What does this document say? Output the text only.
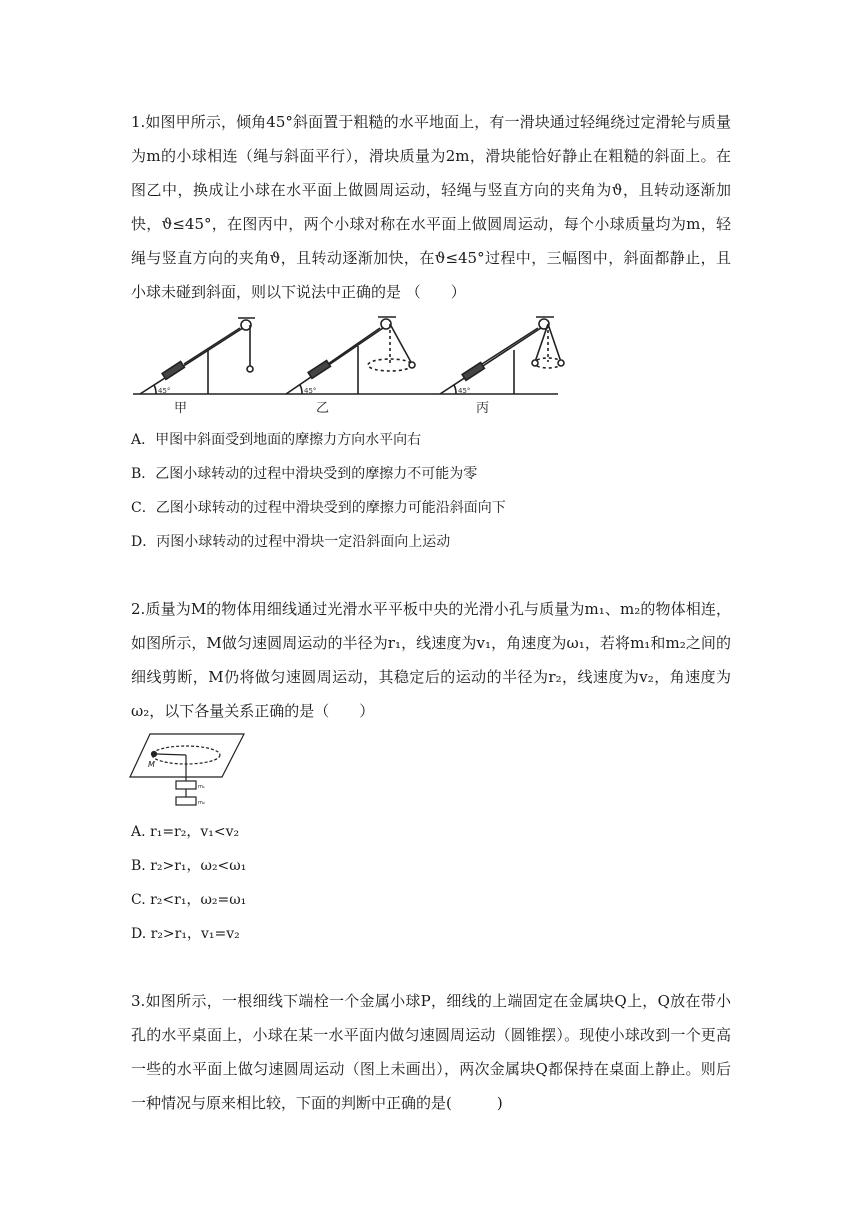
1.如图甲所示，倾角45°斜面置于粗糙的水平地面上，有一滑块通过轻绳绕过定滑轮与质量为m的小球相连（绳与斜面平行），滑块质量为2m，滑块能恰好静止在粗糙的斜面上。在图乙中，换成让小球在水平面上做圆周运动，轻绳与竖直方向的夹角为ϑ，且转动逐渐加快，ϑ≤45°，在图丙中，两个小球对称在水平面上做圆周运动，每个小球质量均为m，轻绳与竖直方向的夹角ϑ，且转动逐渐加快，在ϑ≤45°过程中，三幅图中，斜面都静止，且小球未碰到斜面，则以下说法中正确的是 （　　）

45°	45°	45°
甲	乙	丙
A．甲图中斜面受到地面的摩擦力方向水平向右
B．乙图小球转动的过程中滑块受到的摩擦力不可能为零
C．乙图小球转动的过程中滑块受到的摩擦力可能沿斜面向下
D．丙图小球转动的过程中滑块一定沿斜面向上运动

2.质量为M的物体用细线通过光滑水平平板中央的光滑小孔与质量为m₁、m₂的物体相连，如图所示，M做匀速圆周运动的半径为r₁，线速度为v₁，角速度为ω₁，若将m₁和m₂之间的细线剪断，M仍将做匀速圆周运动，其稳定后的运动的半径为r₂，线速度为v₂，角速度为ω₂，以下各量关系正确的是（　　）

M
m₁
m₂
A. r₁=r₂，v₁<v₂
B. r₂>r₁，ω₂<ω₁
C. r₂<r₁，ω₂=ω₁
D. r₂>r₁，v₁=v₂

3.如图所示，一根细线下端栓一个金属小球P，细线的上端固定在金属块Q上，Q放在带小孔的水平桌面上，小球在某一水平面内做匀速圆周运动（圆锥摆）。现使小球改到一个更高一些的水平面上做匀速圆周运动（图上未画出），两次金属块Q都保持在桌面上静止。则后一种情况与原来相比较，下面的判断中正确的是(　　　)
